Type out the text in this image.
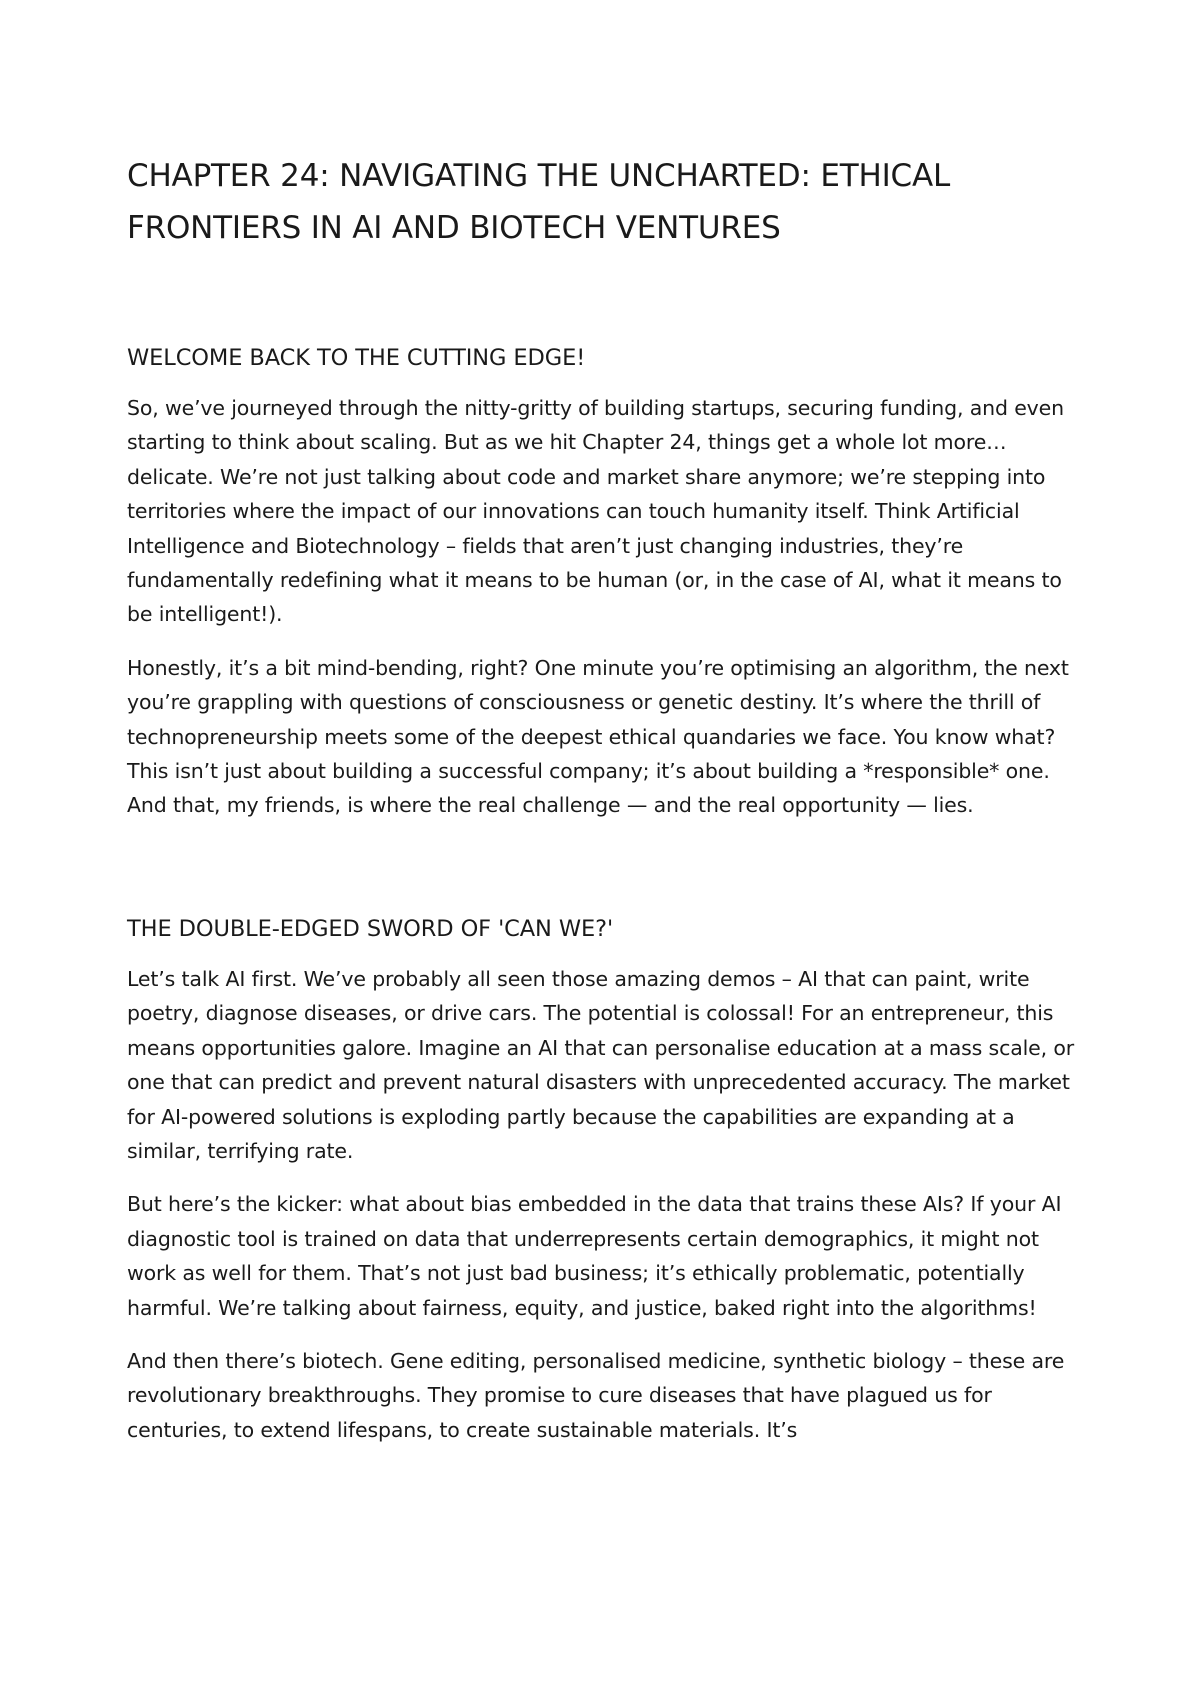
CHAPTER 24: NAVIGATING THE UNCHARTED: ETHICAL
FRONTIERS IN AI AND BIOTECH VENTURES
WELCOME BACK TO THE CUTTING EDGE!

So, we’ve journeyed through the nitty-gritty of building startups, securing funding, and even starting to think about scaling. But as we hit Chapter 24, things get a whole lot more… delicate. We’re not just talking about code and market share anymore; we’re stepping into territories where the impact of our innovations can touch humanity itself. Think Artificial Intelligence and Biotechnology – fields that aren’t just changing industries, they’re fundamentally redefining what it means to be human (or, in the case of AI, what it means to be intelligent!).

Honestly, it’s a bit mind-bending, right? One minute you’re optimising an algorithm, the next you’re grappling with questions of consciousness or genetic destiny. It’s where the thrill of technopreneurship meets some of the deepest ethical quandaries we face. You know what? This isn’t just about building a successful company; it’s about building a *responsible* one. And that, my friends, is where the real challenge — and the real opportunity — lies.

THE DOUBLE-EDGED SWORD OF 'CAN WE?'

Let’s talk AI first. We’ve probably all seen those amazing demos – AI that can paint, write poetry, diagnose diseases, or drive cars. The potential is colossal! For an entrepreneur, this means opportunities galore. Imagine an AI that can personalise education at a mass scale, or one that can predict and prevent natural disasters with unprecedented accuracy. The market for AI-powered solutions is exploding partly because the capabilities are expanding at a similar, terrifying rate.

But here’s the kicker: what about bias embedded in the data that trains these AIs? If your AI diagnostic tool is trained on data that underrepresents certain demographics, it might not work as well for them. That’s not just bad business; it’s ethically problematic, potentially harmful. We’re talking about fairness, equity, and justice, baked right into the algorithms!

And then there’s biotech. Gene editing, personalised medicine, synthetic biology – these are revolutionary breakthroughs. They promise to cure diseases that have plagued us for centuries, to extend lifespans, to create sustainable materials. It’s
